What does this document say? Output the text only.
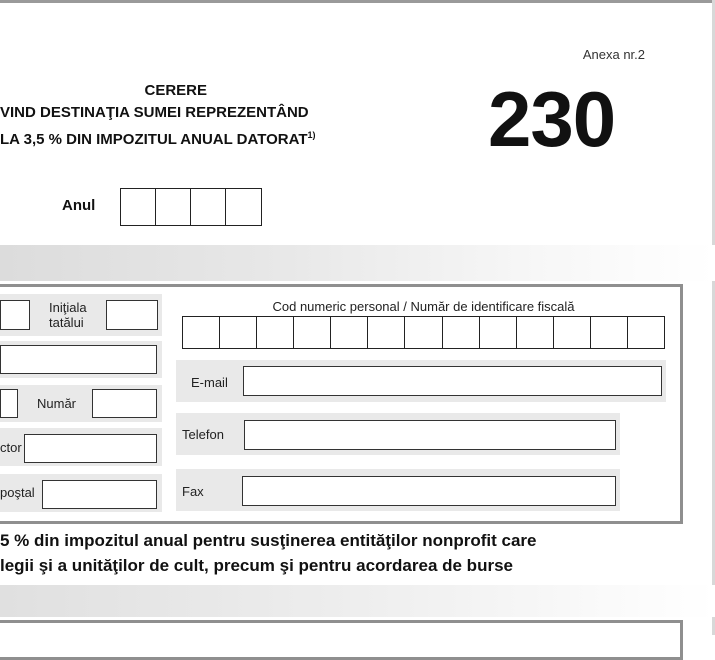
Anexa nr.2
230
CERERE
VIND DESTINAŢIA SUMEI REPREZENTÂND
LA 3,5 % DIN IMPOZITUL ANUAL DATORAT$^{1)}$
Anul
Iniţiala tatălui
Număr
ctor
poştal
Cod numeric personal / Număr de identificare fiscală
E-mail
Telefon
Fax
5 % din impozitul anual pentru susţinerea entităţilor nonprofit care
legii şi a unităţilor de cult, precum şi pentru acordarea de burse
